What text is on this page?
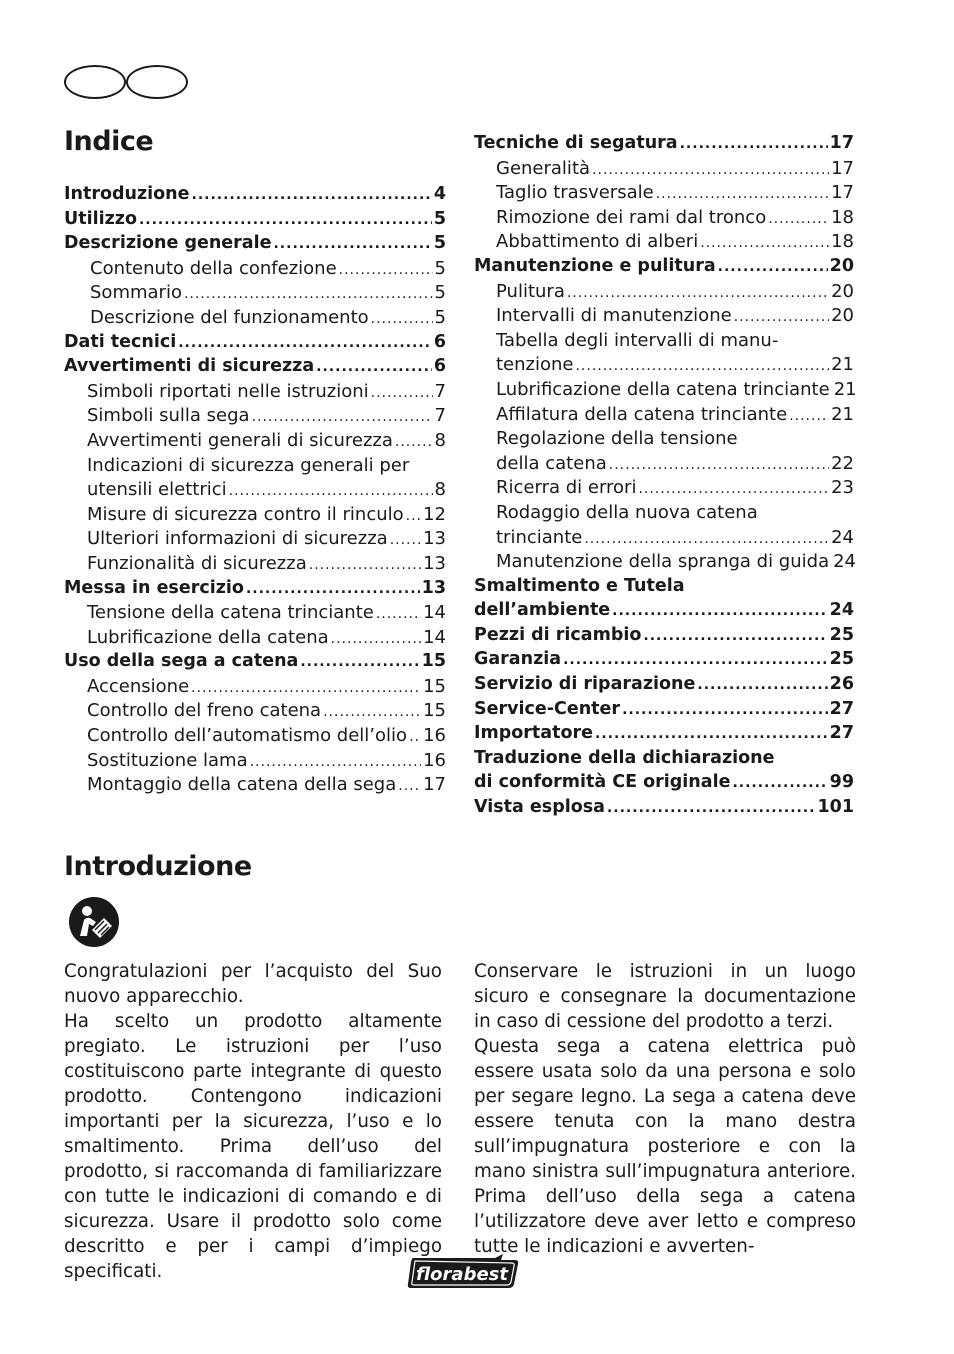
Indice
Introduzione .....	4
Utilizzo .....	5
Descrizione generale .....	5
Contenuto della confezione .....	5
Sommario .....	5
Descrizione del funzionamento .....	5
Dati tecnici .....	6
Avvertimenti di sicurezza .....	6
Simboli riportati nelle istruzioni .....	7
Simboli sulla sega .....	7
Avvertimenti generali di sicurezza ..... 8
Indicazioni di sicurezza generali per
utensili elettrici .....	8
Misure di sicurezza contro il rinculo ..... 12
Ulteriori informazioni di sicurezza ..... 13
Funzionalità di sicurezza .....	13
Messa in esercizio .....	13
Tensione della catena trinciante .....	14
Lubrificazione della catena .....	14
Uso della sega a catena .....	15
Accensione .....	15
Controllo del freno catena .....	15
Controllo dell’automatismo dell’olio ..... 16
Sostituzione lama .....	16
Montaggio della catena della sega ..... 17
Tecniche di segatura .....	17
Generalità .....	17
Taglio trasversale .....	17
Rimozione dei rami dal tronco .....	18
Abbattimento di alberi .....	18
Manutenzione e pulitura .....	20
Pulitura .....	20
Intervalli di manutenzione .....	20
Tabella degli intervalli di manu-
tenzione .....	21
Lubrificazione della catena trinciante 21
Affilatura della catena trinciante ..... 21
Regolazione della tensione
della catena .....	22
Ricerra di errori .....	23
Rodaggio della nuova catena
trinciante .....	24
Manutenzione della spranga di guida 24
Smaltimento e Tutela
dell’ambiente .....	24
Pezzi di ricambio .....	25
Garanzia .....	25
Servizio di riparazione .....	26
Service-Center .....	27
Importatore .....	27
Traduzione della dichiarazione
di conformità CE originale .....	99
Vista esplosa .....	101
Introduzione

Congratulazioni per l’acquisto del Suo nuovo apparecchio.

Ha scelto un prodotto altamente pregiato. Le istruzioni per l’uso costituiscono parte integrante di questo prodotto. Contengono indicazioni importanti per la sicurezza, l’uso e lo smaltimento. Prima dell’uso del prodotto, si raccomanda di familiarizzare con tutte le indicazioni di comando e di sicurezza. Usare il prodotto solo come descritto e per i campi d’impiego specificati.

Conservare le istruzioni in un luogo sicuro e consegnare la documentazione in caso di cessione del prodotto a terzi.

Questa sega a catena elettrica può essere usata solo da una persona e solo per segare legno. La sega a catena deve essere tenuta con la mano destra sull’impugnatura posteriore e con la mano sinistra sull’impugnatura anteriore. Prima dell’uso della sega a catena l’utilizzatore deve aver letto e compreso tutte le indicazioni e avverten-

florabest
